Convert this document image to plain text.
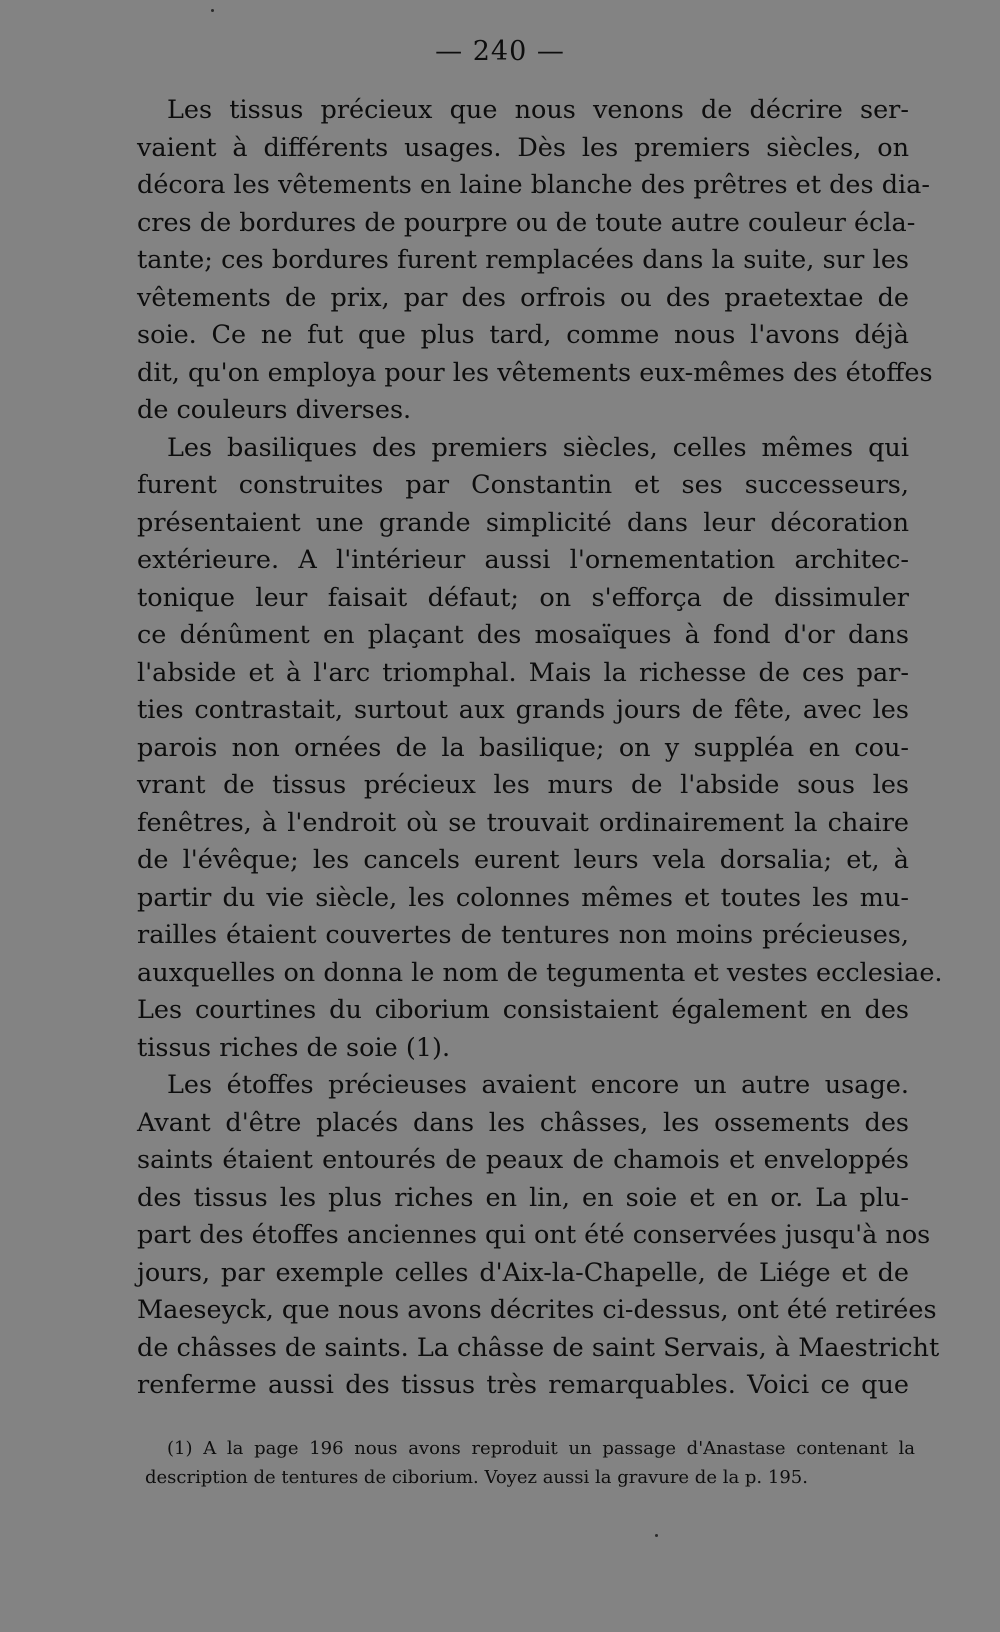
— 240 —
Les tissus précieux que nous venons de décrire ser-
vaient à différents usages. Dès les premiers siècles, on
décora les vêtements en laine blanche des prêtres et des dia-
cres de bordures de pourpre ou de toute autre couleur écla-
tante; ces bordures furent remplacées dans la suite, sur les
vêtements de prix, par des orfrois ou des praetextae de
soie. Ce ne fut que plus tard, comme nous l'avons déjà
dit, qu'on employa pour les vêtements eux-mêmes des étoffes
de couleurs diverses.
Les basiliques des premiers siècles, celles mêmes qui
furent construites par Constantin et ses successeurs,
présentaient une grande simplicité dans leur décoration
extérieure. A l'intérieur aussi l'ornementation architec-
tonique leur faisait défaut; on s'efforça de dissimuler
ce dénûment en plaçant des mosaïques à fond d'or dans
l'abside et à l'arc triomphal. Mais la richesse de ces par-
ties contrastait, surtout aux grands jours de fête, avec les
parois non ornées de la basilique; on y suppléa en cou-
vrant de tissus précieux les murs de l'abside sous les
fenêtres, à l'endroit où se trouvait ordinairement la chaire
de l'évêque; les cancels eurent leurs vela dorsalia; et, à
partir du vie siècle, les colonnes mêmes et toutes les mu-
railles étaient couvertes de tentures non moins précieuses,
auxquelles on donna le nom de tegumenta et vestes ecclesiae.
Les courtines du ciborium consistaient également en des
tissus riches de soie (1).
Les étoffes précieuses avaient encore un autre usage.
Avant d'être placés dans les châsses, les ossements des
saints étaient entourés de peaux de chamois et enveloppés
des tissus les plus riches en lin, en soie et en or. La plu-
part des étoffes anciennes qui ont été conservées jusqu'à nos
jours, par exemple celles d'Aix-la-Chapelle, de Liége et de
Maeseyck, que nous avons décrites ci-dessus, ont été retirées
de châsses de saints. La châsse de saint Servais, à Maestricht
renferme aussi des tissus très remarquables. Voici ce que
(1) A la page 196 nous avons reproduit un passage d'Anastase contenant la
description de tentures de ciborium. Voyez aussi la gravure de la p. 195.
